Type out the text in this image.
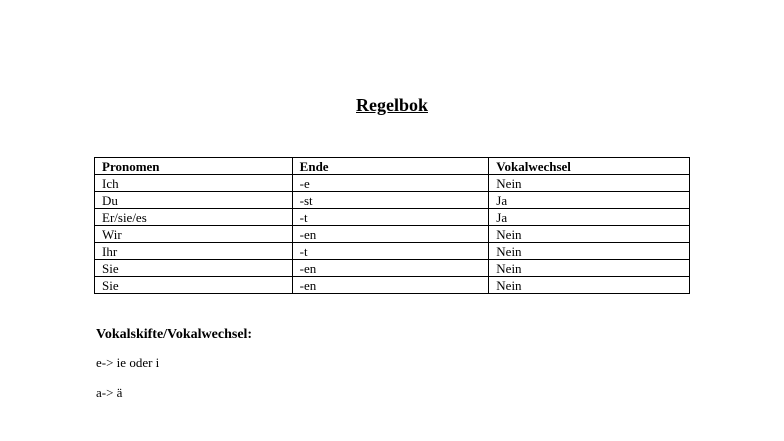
Regelbok
Pronomen	Ende	Vokalwechsel
Ich	-e	Nein
Du	-st	Ja
Er/sie/es	-t	Ja
Wir	-en	Nein
Ihr	-t	Nein
Sie	-en	Nein
Sie	-en	Nein
Vokalskifte/Vokalwechsel:
e-> ie oder i
a-> ä
